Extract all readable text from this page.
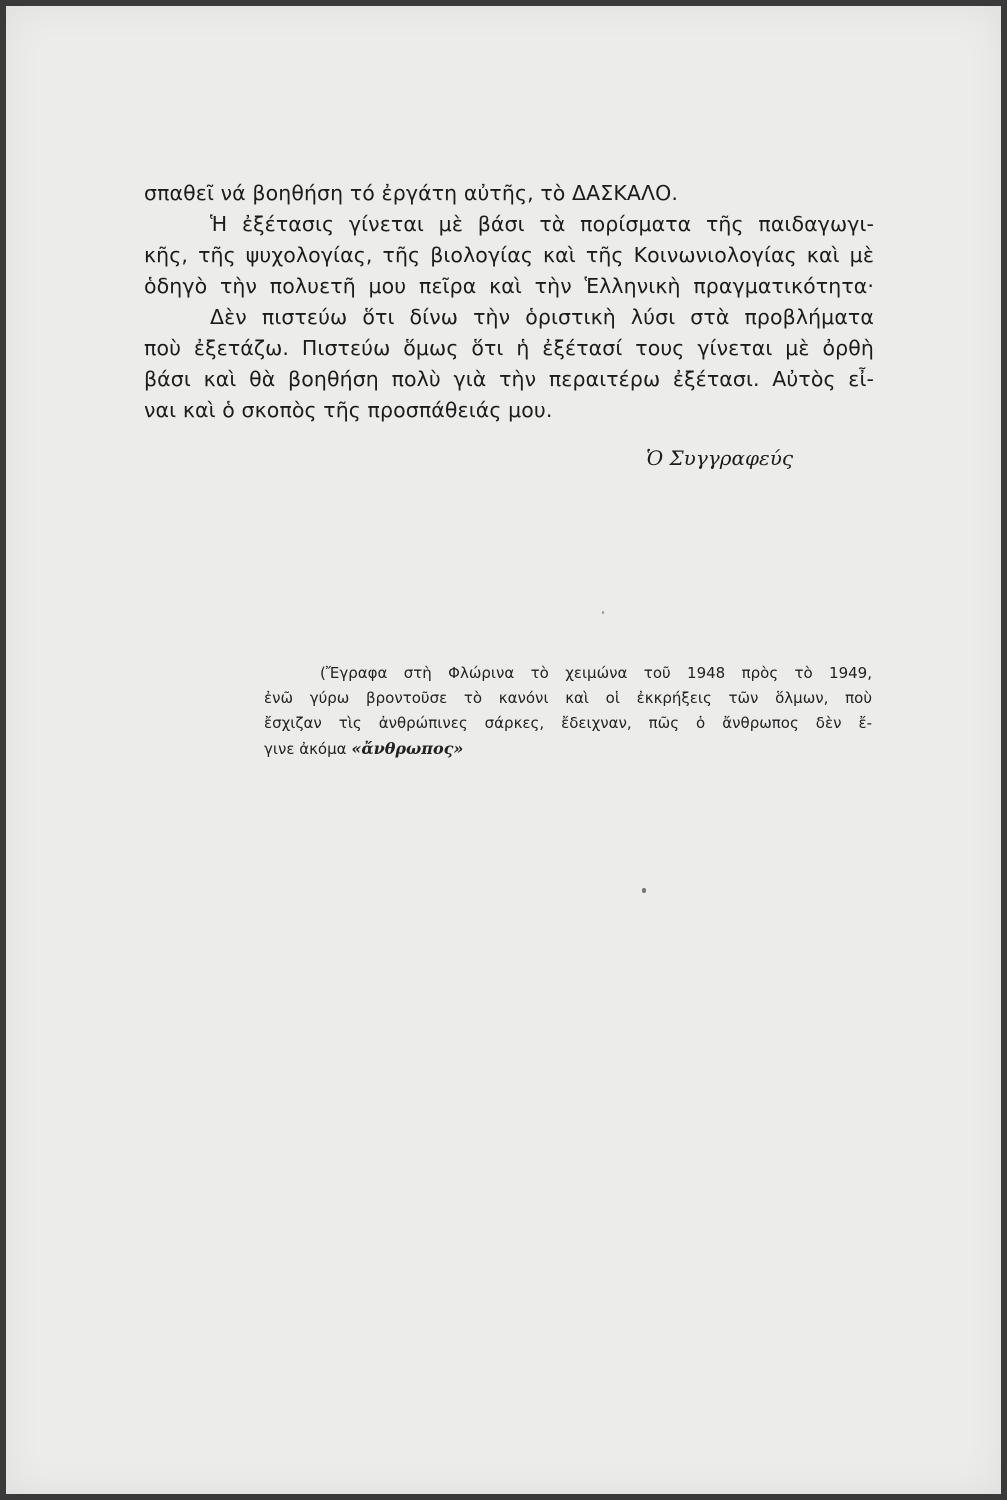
σπαθεῖ νά βοηθήση τό ἐργάτη αὐτῆς, τὸ ΔΑΣΚΑΛΟ.
Ἡ ἐξέτασις γίνεται μὲ βάσι τὰ πορίσματα τῆς παιδαγωγι-
κῆς, τῆς ψυχολογίας, τῆς βιολογίας καὶ τῆς Κοινωνιολογίας καὶ μὲ
ὁδηγὸ τὴν πολυετῆ μου πεῖρα καὶ τὴν Ἑλληνικὴ πραγματικότητα·
Δὲν πιστεύω ὅτι δίνω τὴν ὁριστικὴ λύσι στὰ προβλήματα
ποὺ ἐξετάζω. Πιστεύω ὅμως ὅτι ἡ ἐξέτασί τους γίνεται μὲ ὀρθὴ
βάσι καὶ θὰ βοηθήση πολὺ γιὰ τὴν περαιτέρω ἐξέτασι. Αὐτὸς εἶ-
ναι καὶ ὁ σκοπὸς τῆς προσπάθειάς μου.
Ὁ Συγγραφεύς
(Ἔγραφα στὴ Φλώρινα τὸ χειμώνα τοῦ 1948 πρὸς τὸ 1949,
ἐνῶ γύρω βροντοῦσε τὸ κανόνι καὶ οἱ ἐκκρήξεις τῶν ὅλμων, ποὺ
ἔσχιζαν τὶς ἀνθρώπινες σάρκες, ἔδειχναν, πῶς ὁ ἄνθρωπος δὲν ἔ-
γινε ἀκόμα «ἄνθρωπος»
